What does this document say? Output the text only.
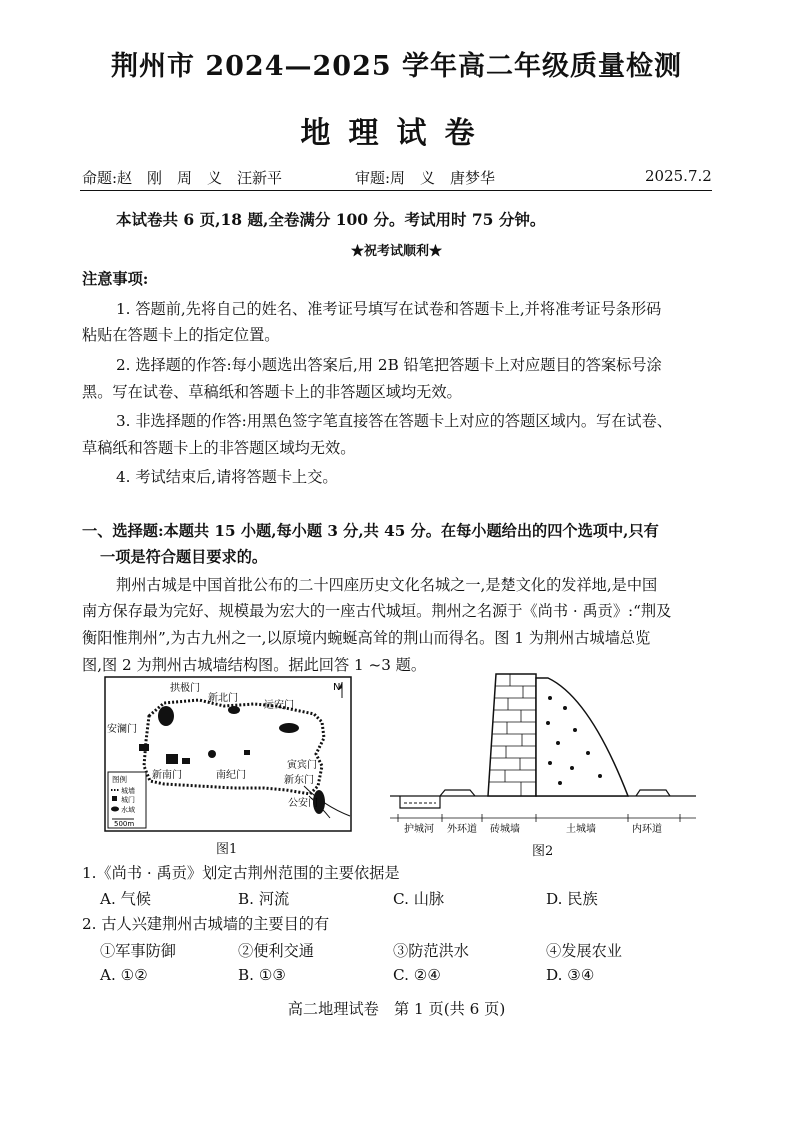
荆州市 2024—2025 学年高二年级质量检测
地理试卷
命题:赵　刚　周　义　汪新平	审题:周　义　唐梦华	2025.7.2
本试卷共 6 页,18 题,全卷满分 100 分。考试用时 75 分钟。
★祝考试顺利★
注意事项:
1. 答题前,先将自己的姓名、准考证号填写在试卷和答题卡上,并将准考证号条形码
粘贴在答题卡上的指定位置。
2. 选择题的作答:每小题选出答案后,用 2B 铅笔把答题卡上对应题目的答案标号涂
黑。写在试卷、草稿纸和答题卡上的非答题区域均无效。
3. 非选择题的作答:用黑色签字笔直接答在答题卡上对应的答题区域内。写在试卷、
草稿纸和答题卡上的非答题区域均无效。
4. 考试结束后,请将答题卡上交。
一、选择题:本题共 15 小题,每小题 3 分,共 45 分。在每小题给出的四个选项中,只有
一项是符合题目要求的。
荆州古城是中国首批公布的二十四座历史文化名城之一,是楚文化的发祥地,是中国
南方保存最为完好、规模最为宏大的一座古代城垣。荆州之名源于《尚书 · 禹贡》:“荆及
衡阳惟荆州”,为古九州之一,以原境内蜿蜒高耸的荆山而得名。图 1 为荆州古城墙总览
图,图 2 为荆州古城墙结构图。据此回答 1 ~3 题。
N
拱极门
新北门
远安门
安澜门
寅宾门
新东门
公安门
新南门	南纪门
图例
城墙
城门
水域
500m
图1
护城河 外环道 砖城墙	土城墙	内环道
图2
1.《尚书 · 禹贡》划定古荆州范围的主要依据是
A. 气候	B. 河流	C. 山脉	D. 民族
2. 古人兴建荆州古城墙的主要目的有
①军事防御	②便利交通	③防范洪水	④发展农业
A. ①②	B. ①③	C. ②④	D. ③④
高二地理试卷　第 1 页(共 6 页)
